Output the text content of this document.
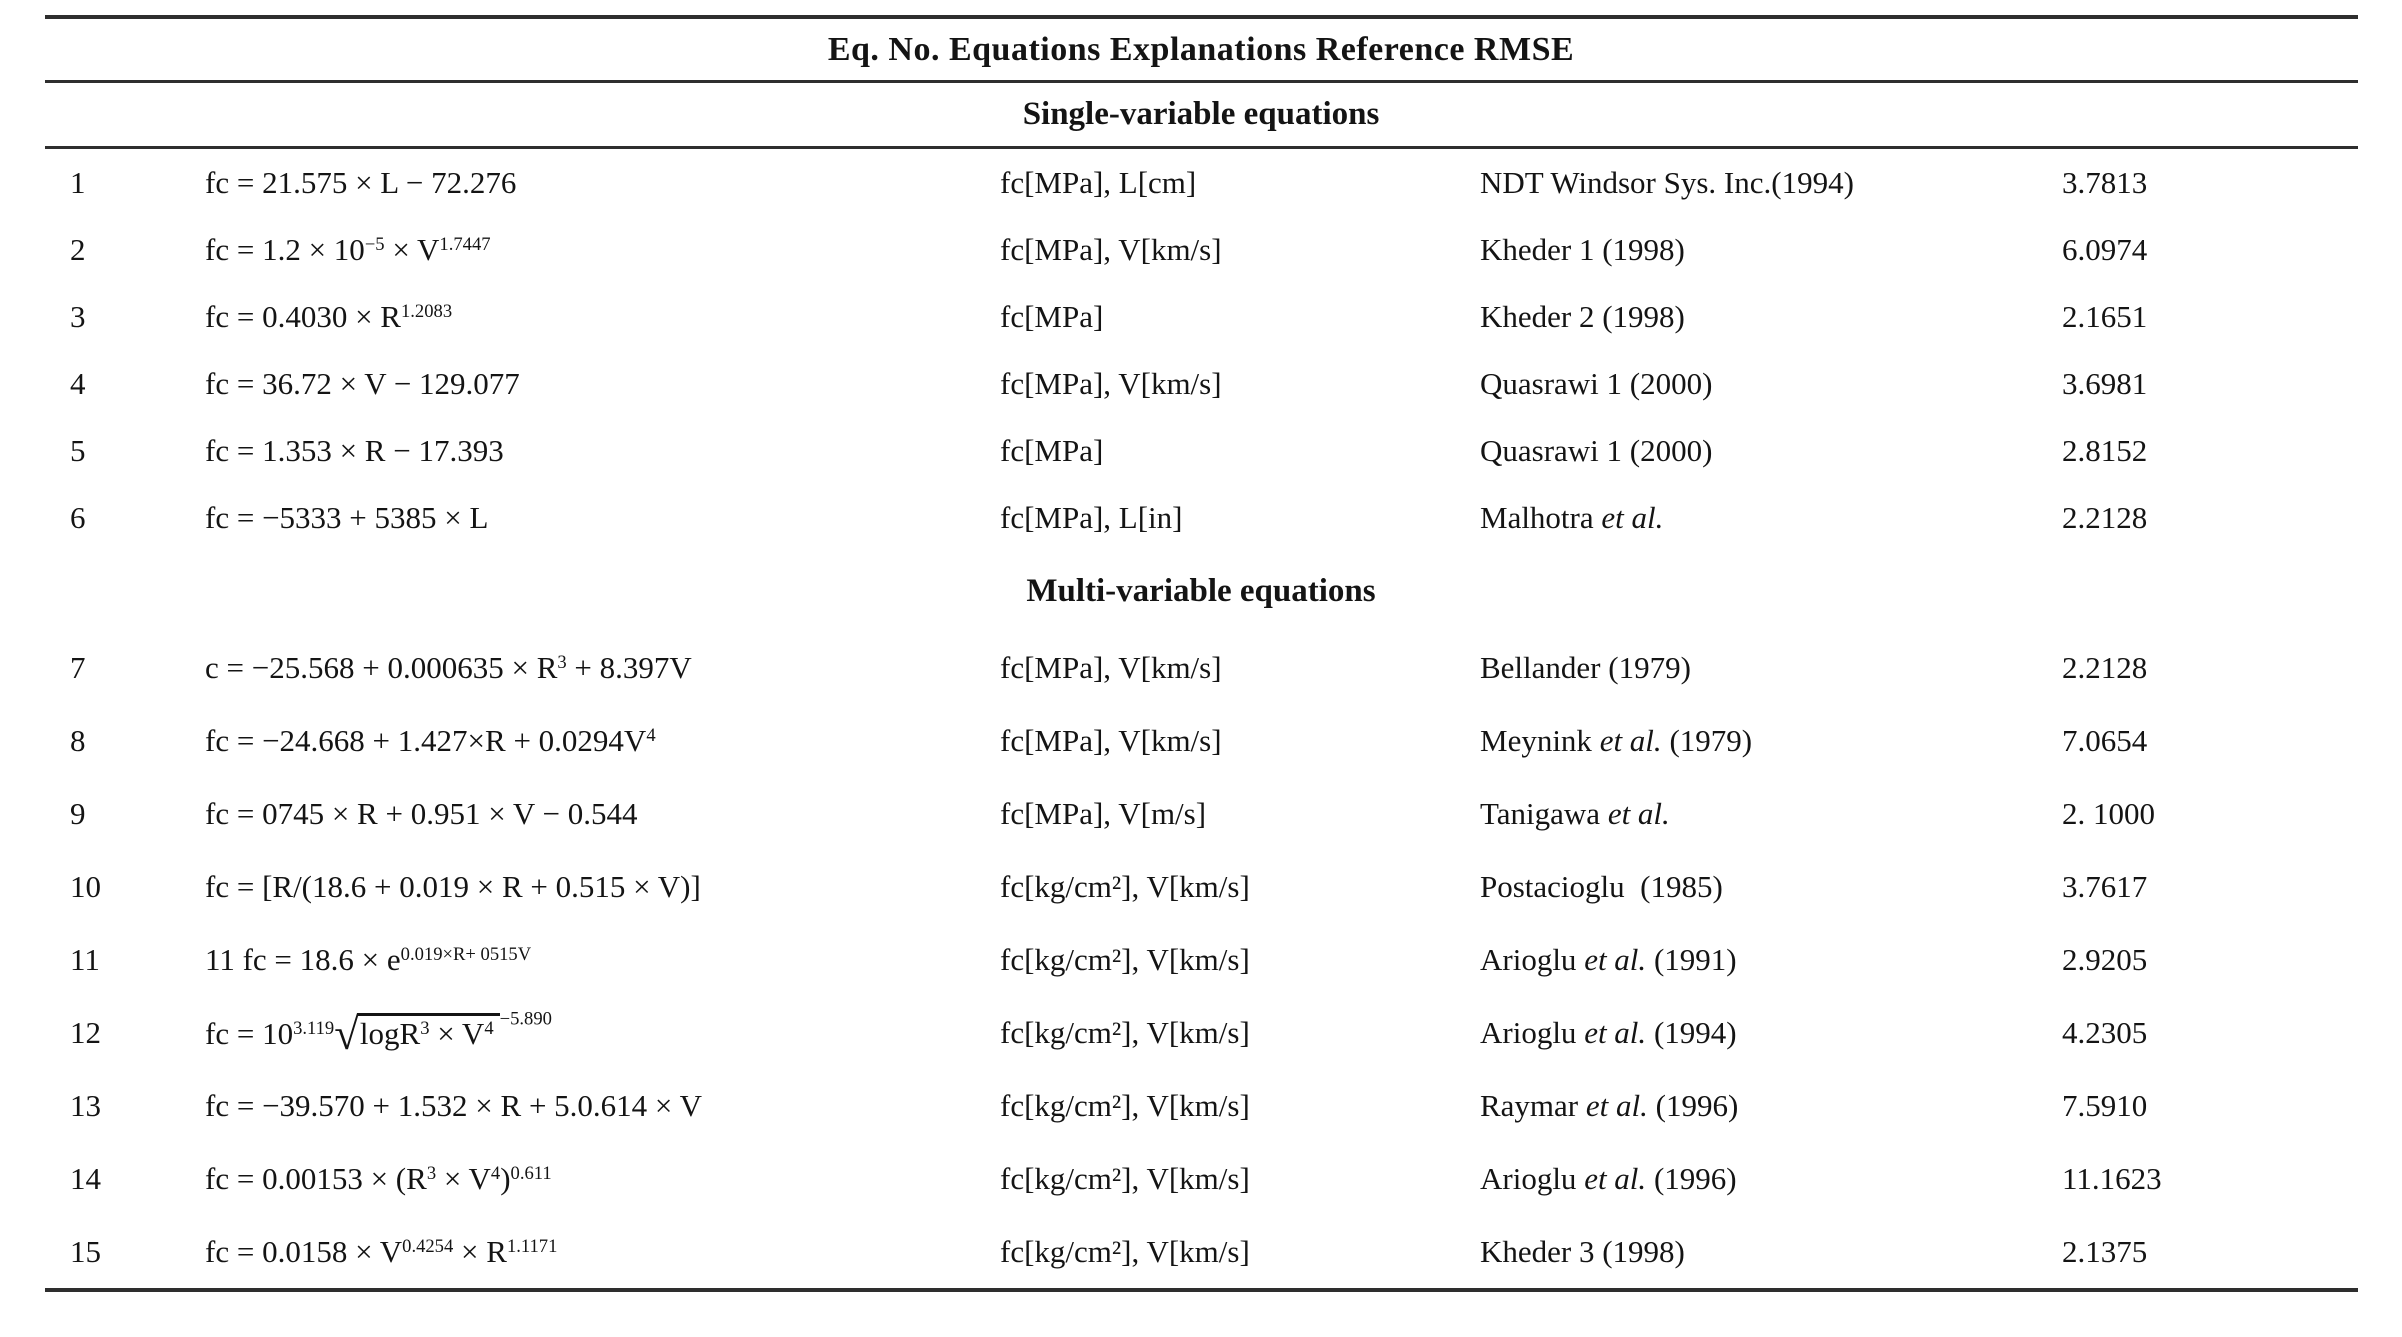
Eq. No. Equations Explanations Reference RMSE
Single-variable equations
1	fc = 21.575 × L − 72.276	fc[MPa], L[cm]	NDT Windsor Sys. Inc.(1994)	3.7813
2	fc = $1.2 \times 10^{-5} \times V^{1.7447}$	fc[MPa], V[km/s]	Kheder 1 (1998)	6.0974
3	fc = $0.4030 \times R^{1.2083}$	fc[MPa]	Kheder 2 (1998)	2.1651
4	fc = 36.72 × V − 129.077	fc[MPa], V[km/s]	Quasrawi 1 (2000)	3.6981
5	fc = 1.353 × R − 17.393	fc[MPa]	Quasrawi 1 (2000)	2.8152
6	fc = −5333 + 5385 × L	fc[MPa], L[in]	Malhotra et al.	2.2128
Multi-variable equations
7	$c = -25.568 + 0.000635 \times R^3 + 8.397V$	fc[MPa], V[km/s]	Bellander (1979)	2.2128
8	fc = $-24.668 + 1.427\times R + 0.0294V^4$	fc[MPa], V[km/s]	Meynink et al. (1979)	7.0654
9	fc = 0745 × R + 0.951 × V − 0.544	fc[MPa], V[m/s]	Tanigawa et al.	2. 1000
10	fc = [R/(18.6 + 0.019 × R + 0.515 × V)]	fc[kg/cm²], V[km/s]	Postacioglu  (1985)	3.7617
11	11 fc = $18.6 \times e^{0.019\times R+ 0515V}$	fc[kg/cm²], V[km/s]	Arioglu et al. (1991)	2.9205
12	fc = $10^{3.119}√\log R^3 \times V^4$ $^{-5.890}$	fc[kg/cm²], V[km/s]	Arioglu et al. (1994)	4.2305
13	fc = −39.570 + 1.532 × R + 5.0.614 × V	fc[kg/cm²], V[km/s]	Raymar et al. (1996)	7.5910
14	fc = $0.00153 \times (R^3 \times V^4)^{0.611}$	fc[kg/cm²], V[km/s]	Arioglu et al. (1996)	11.1623
15	fc = $0.0158 \times V^{0.4254} \times R^{1.1171}$	fc[kg/cm²], V[km/s]	Kheder 3 (1998)	2.1375
